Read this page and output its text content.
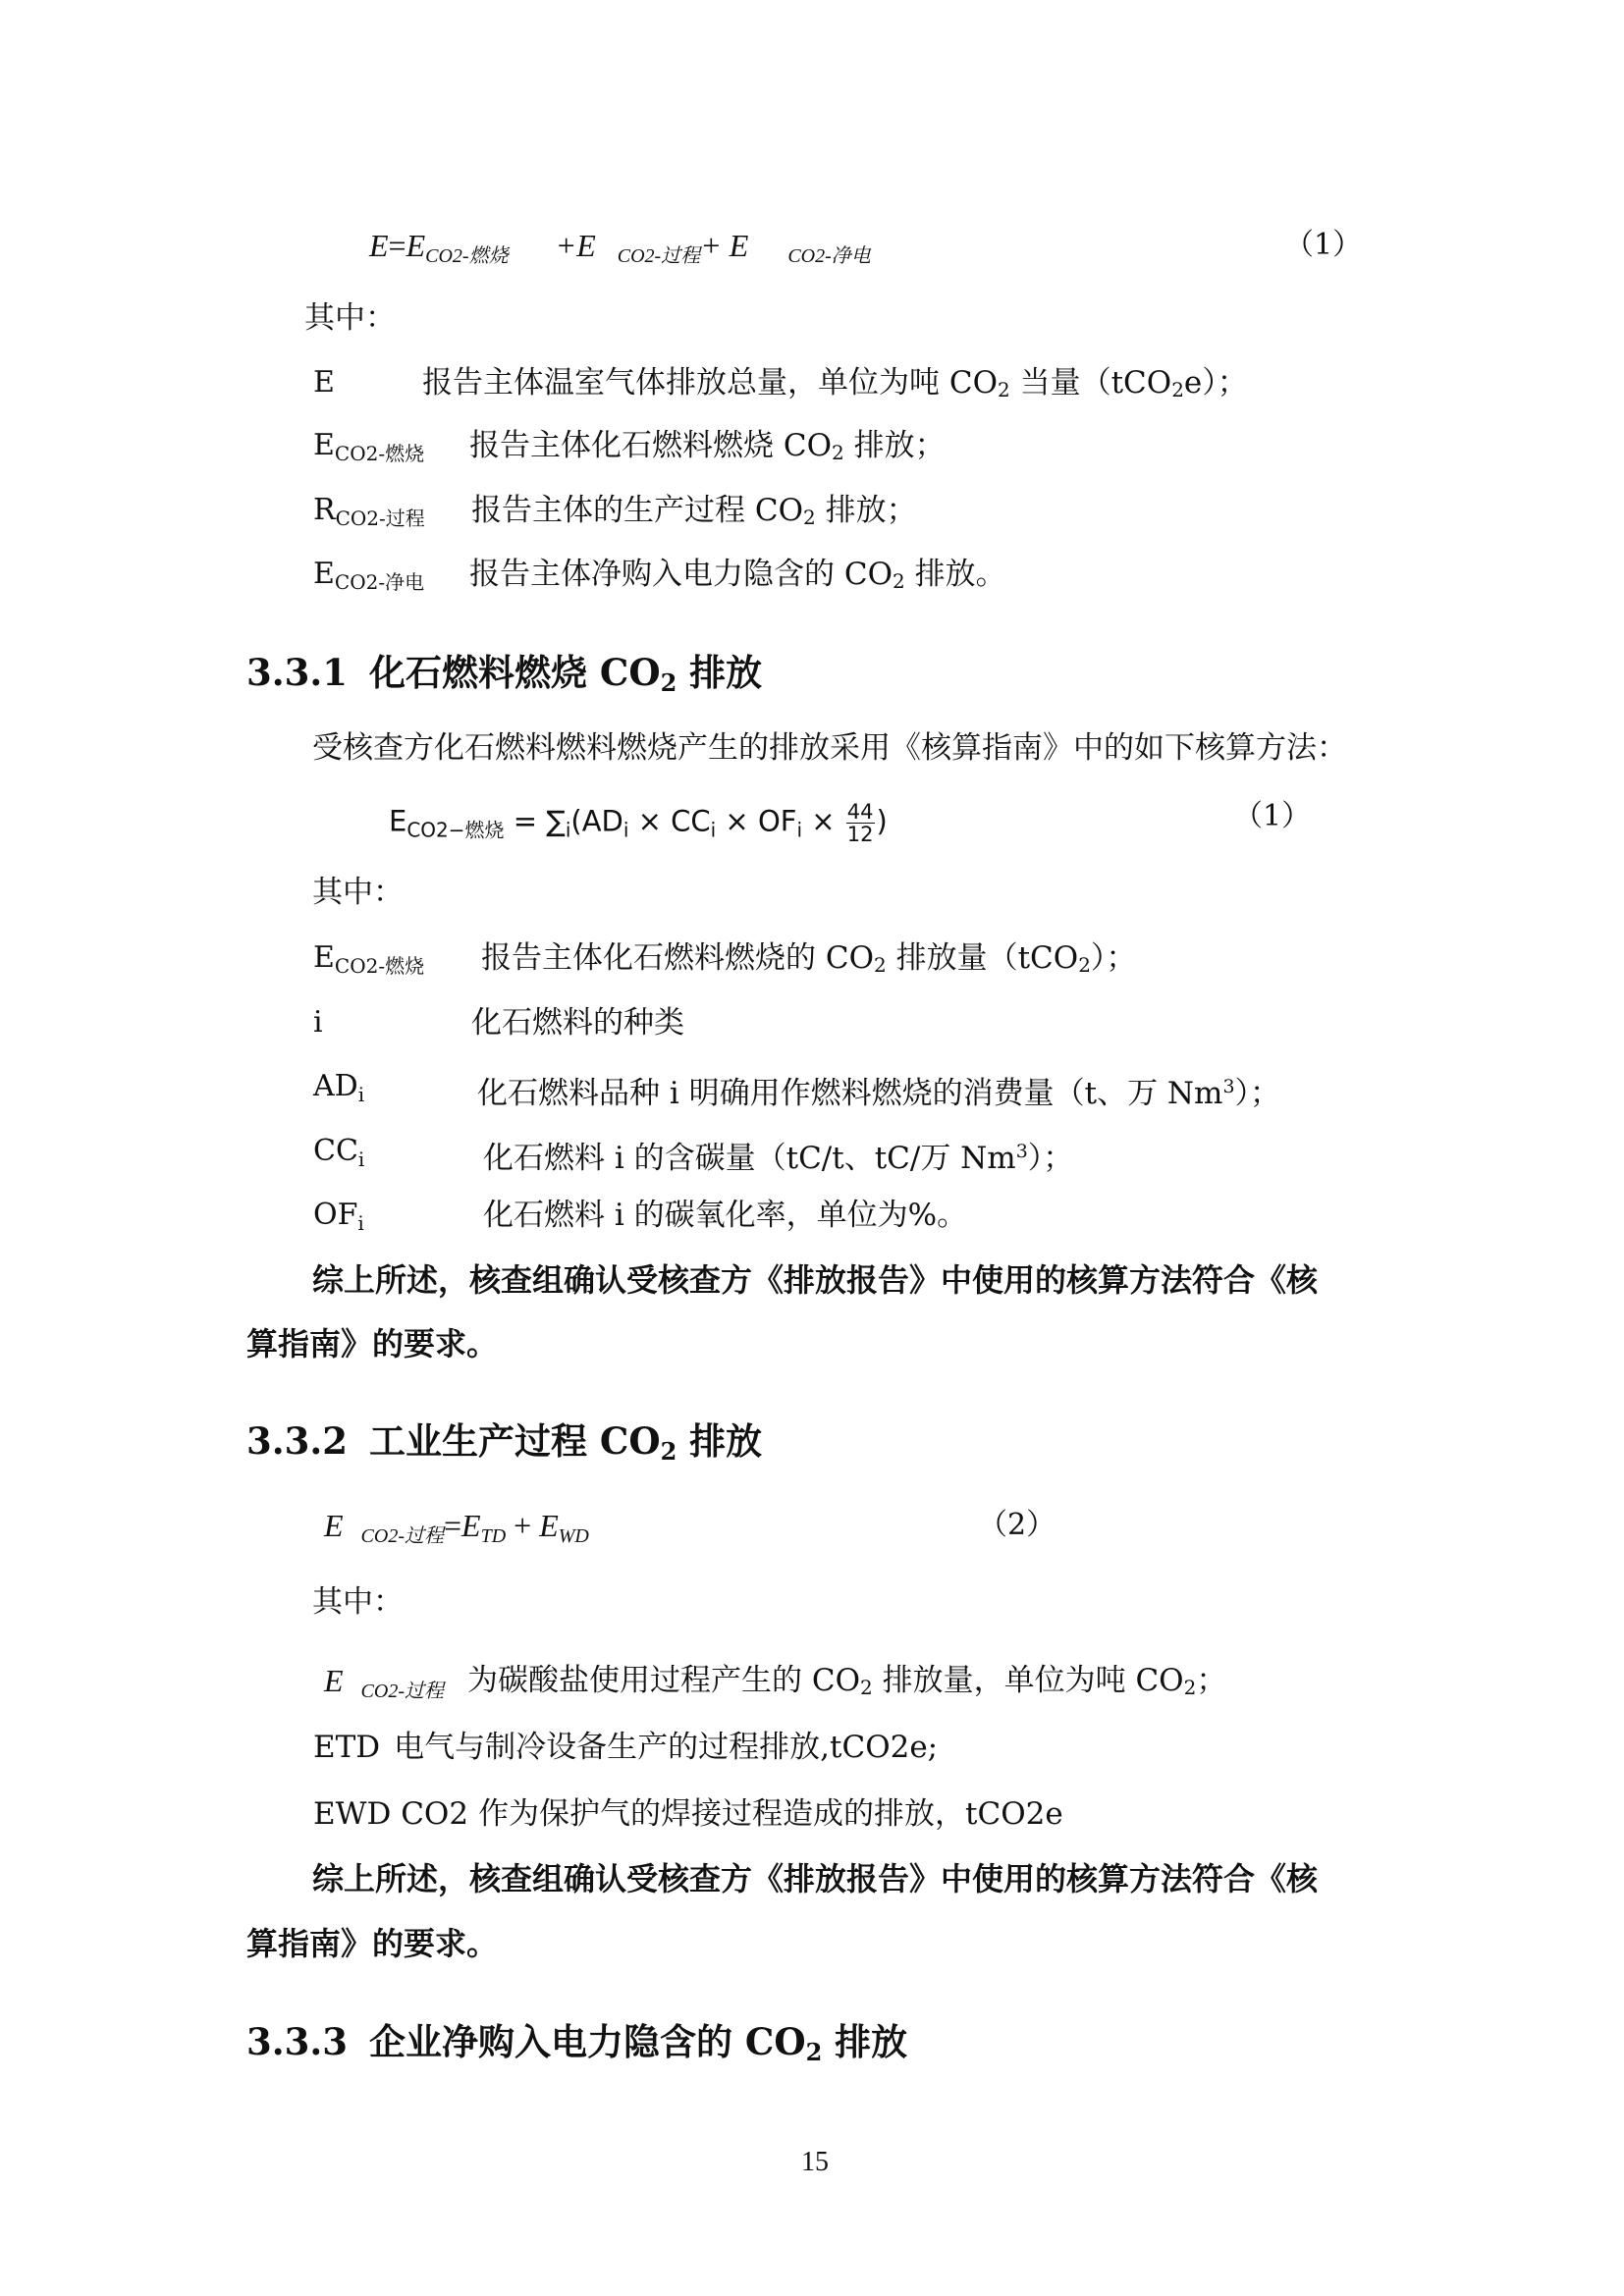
$E=E_{CO2-燃烧} +E$ $_{CO2-过程}$+ E $_{CO2-净电}$	（1）
其中：
E	报告主体温室气体排放总量，单位为吨 CO2 当量（tCO2e）；
$E_{CO2-燃烧}$ 报告主体化石燃料燃烧 CO2 排放；
$R_{CO2-过程}$ 报告主体的生产过程 CO2 排放；
$E_{CO2-净电}$ 报告主体净购入电力隐含的 CO2 排放。
3.3.1 化石燃料燃烧 CO2 排放
受核查方化石燃料燃料燃烧产生的排放采用《核算指南》中的如下核算方法：
$E_{CO2-燃烧} = \sum_i(AD_i \times CC_i \times OF_i \times \frac{44}{12}$ )	（1）
其中：
$E_{CO2-燃烧}$ 报告主体化石燃料燃烧的 CO2 排放量（tCO2）；
i	化石燃料的种类
$AD_i$	化石燃料品种 i 明确用作燃料燃烧的消费量（t、万 Nm$^3$）；
$CC_i$	化石燃料 i 的含碳量（tC/t、tC/万 Nm$^3$）；
$OF_i$	化石燃料 i 的碳氧化率，单位为%。
综上所述，核查组确认受核查方《排放报告》中使用的核算方法符合《核
算指南》的要求。
3.3.2 工业生产过程 CO2 排放
E $_{CO2-过程}=E_{TD} + E_{WD}$	（2）
其中：
E $_{CO2-过程}$ 为碳酸盐使用过程产生的 CO2 排放量，单位为吨 CO2；
ETD 电气与制冷设备生产的过程排放,tCO2e;
EWD CO2 作为保护气的焊接过程造成的排放，tCO2e
综上所述，核查组确认受核查方《排放报告》中使用的核算方法符合《核
算指南》的要求。
3.3.3 企业净购入电力隐含的 CO2 排放
15
